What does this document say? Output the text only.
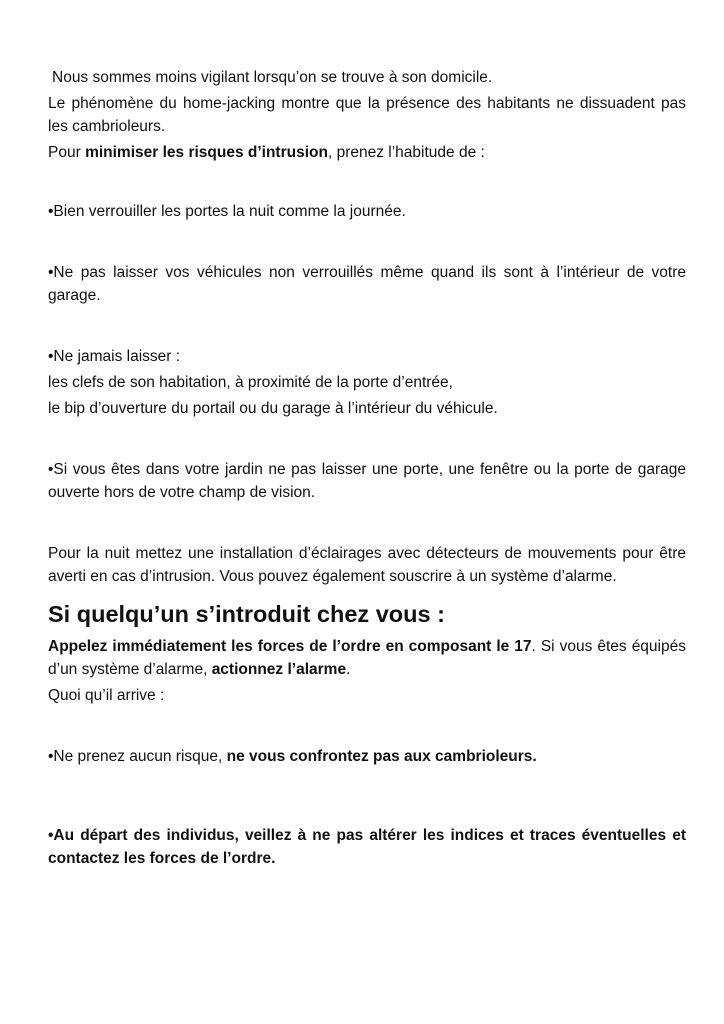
Nous sommes moins vigilant lorsqu’on se trouve à son domicile.

Le phénomène du home-jacking montre que la présence des habitants ne dissuadent pas les cambrioleurs.

Pour minimiser les risques d’intrusion, prenez l’habitude de :

•Bien verrouiller les portes la nuit comme la journée.

•Ne pas laisser vos véhicules non verrouillés même quand ils sont à l’intérieur de votre garage.

•Ne jamais laisser :

les clefs de son habitation, à proximité de la porte d’entrée,

le bip d’ouverture du portail ou du garage à l’intérieur du véhicule.

•Si vous êtes dans votre jardin ne pas laisser une porte, une fenêtre ou la porte de garage ouverte hors de votre champ de vision.

Pour la nuit mettez une installation d’éclairages avec détecteurs de mouvements pour être averti en cas d’intrusion. Vous pouvez également souscrire à un système d’alarme.

Si quelqu’un s’introduit chez vous :

Appelez immédiatement les forces de l’ordre en composant le 17. Si vous êtes équipés d’un système d’alarme, actionnez l’alarme.

Quoi qu’il arrive :

•Ne prenez aucun risque, ne vous confrontez pas aux cambrioleurs.

•Au départ des individus, veillez à ne pas altérer les indices et traces éventuelles et contactez les forces de l’ordre.
